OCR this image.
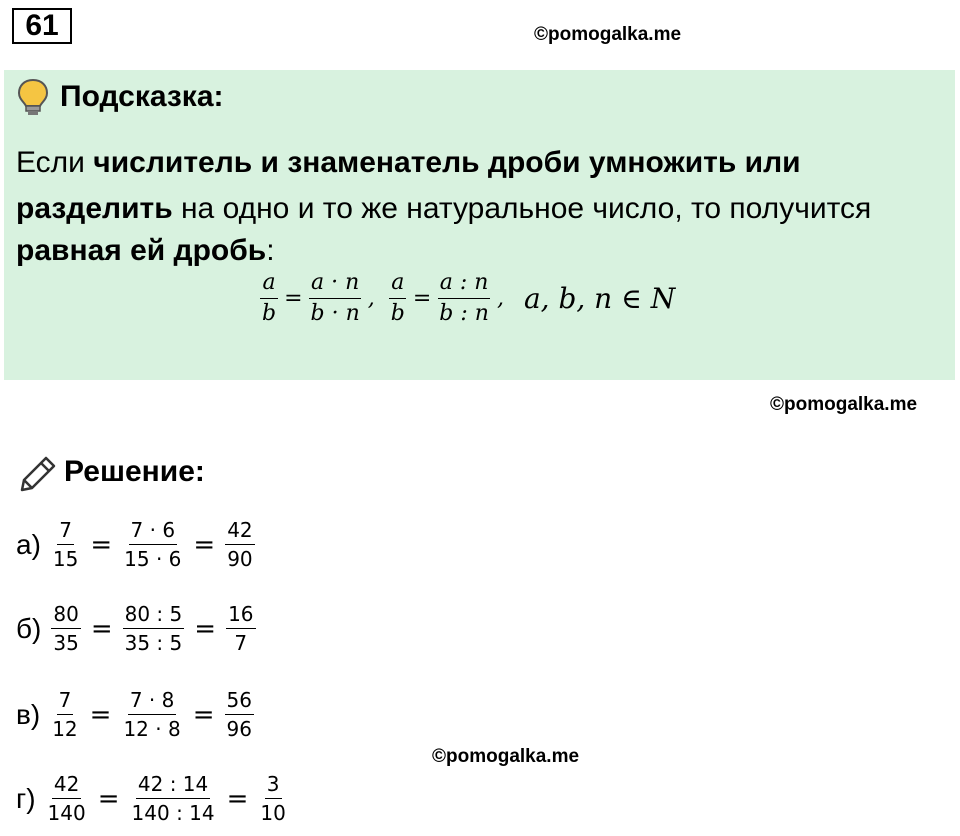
61	©pomogalka.me
Подсказка:
Если числитель и знаменатель дроби умножить или
разделить на одно и то же натуральное число, то получится
равная ей дробь:
$\frac{a}{b} = \frac{a \cdot n}{b \cdot n}$ , $\frac{a}{b} = \frac{a : n}{b : n}$ , a, b, n ∈ N
©pomogalka.me
Решение:
$а) \frac{7}{15} = \frac{7 \cdot 6}{15 \cdot 6} = \frac{42}{90}$
$б) \frac{80}{35} = \frac{80 : 5}{35 : 5} = \frac{16}{7}$
$в) \frac{7}{12} = \frac{7 \cdot 8}{12 \cdot 8} = \frac{56}{96}$
©pomogalka.me
$г) \frac{42}{140} = \frac{42 : 14}{140 : 14} = \frac{3}{10}$
